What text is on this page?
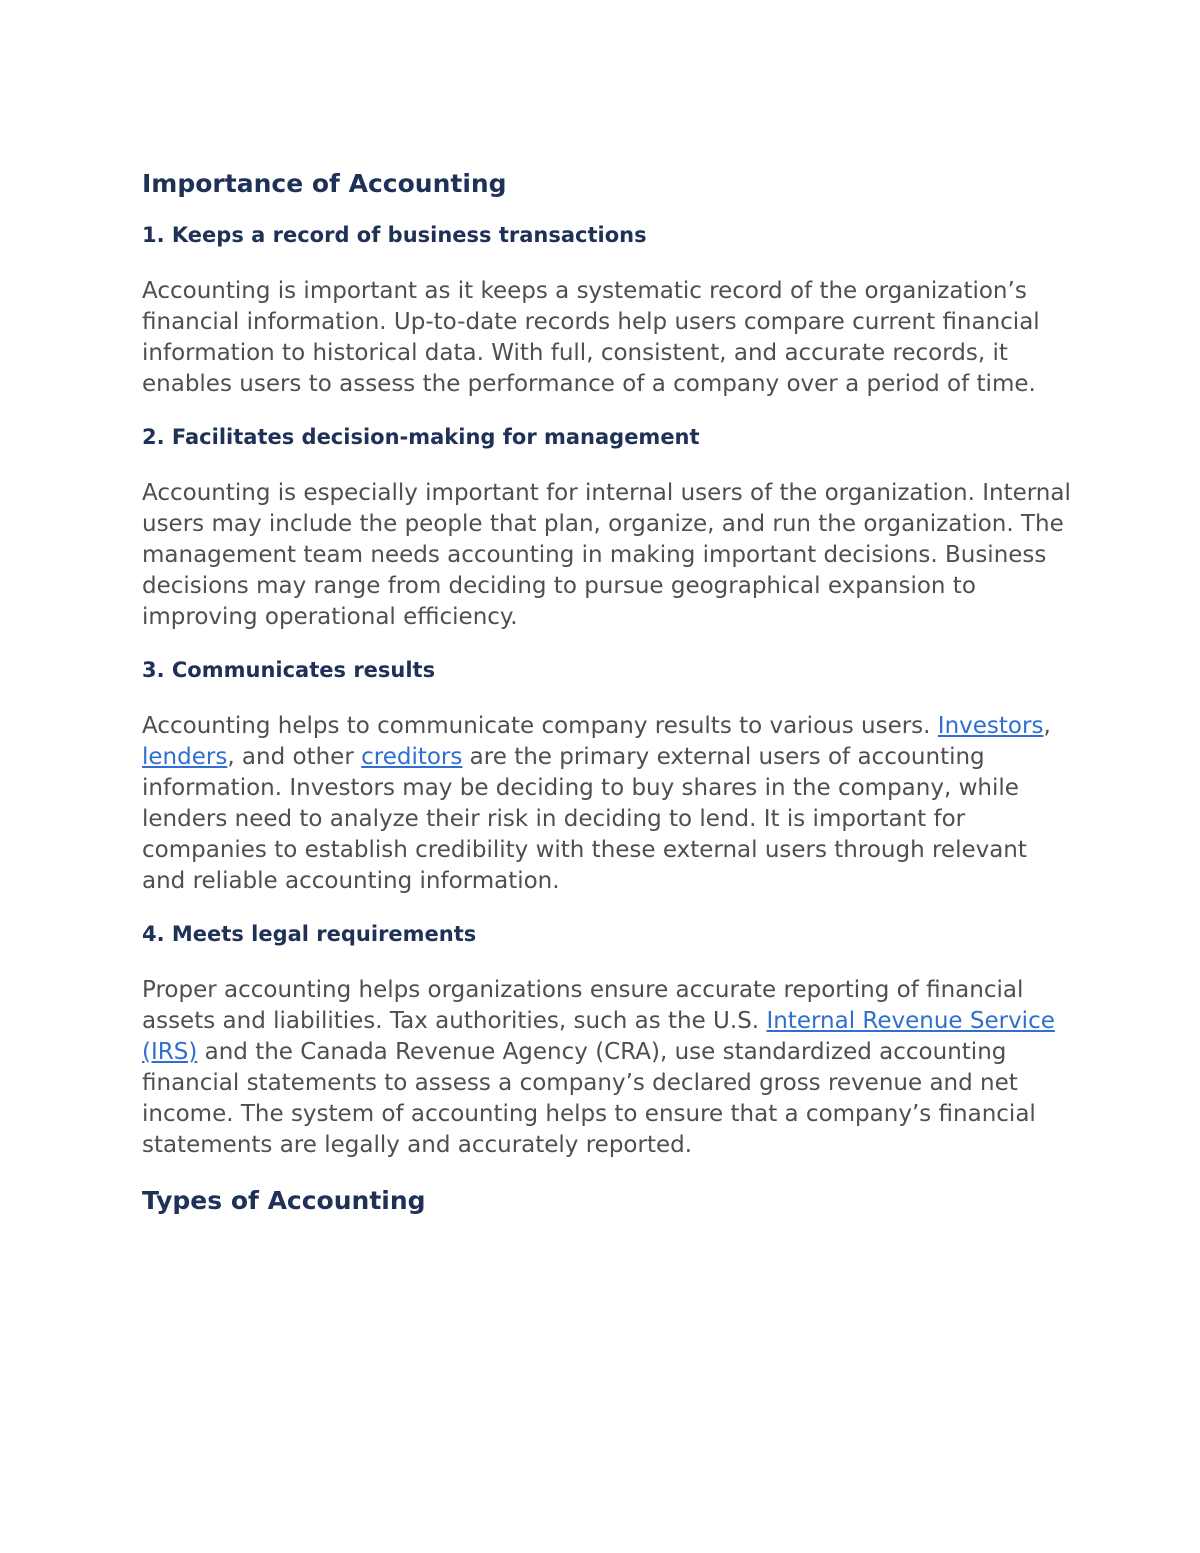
Importance of Accounting
1. Keeps a record of business transactions

Accounting is important as it keeps a systematic record of the organization’s financial information. Up-to-date records help users compare current financial information to historical data. With full, consistent, and accurate records, it enables users to assess the performance of a company over a period of time.

2. Facilitates decision-making for management

Accounting is especially important for internal users of the organization. Internal users may include the people that plan, organize, and run the organization. The management team needs accounting in making important decisions. Business decisions may range from deciding to pursue geographical expansion to improving operational efficiency.

3. Communicates results

Accounting helps to communicate company results to various users. Investors, lenders, and other creditors are the primary external users of accounting information. Investors may be deciding to buy shares in the company, while lenders need to analyze their risk in deciding to lend. It is important for companies to establish credibility with these external users through relevant and reliable accounting information.

4. Meets legal requirements

Proper accounting helps organizations ensure accurate reporting of financial assets and liabilities. Tax authorities, such as the U.S. Internal Revenue Service (IRS) and the Canada Revenue Agency (CRA), use standardized accounting financial statements to assess a company’s declared gross revenue and net income. The system of accounting helps to ensure that a company’s financial statements are legally and accurately reported.

Types of Accounting
